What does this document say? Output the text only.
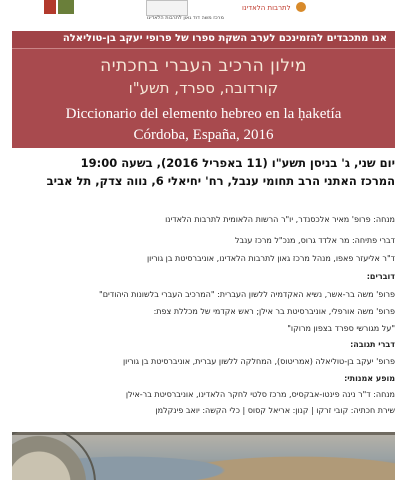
מרכז משה דוד גאון לתרבות הלאדינו
לתרבות הלאדינו
אנו מתכבדים להזמינכם לערב השקת ספרו של פרופי יעקב בן-טוליאלה
מילון הרכיב העברי בחכתיה
קורדובה, ספרד, תשע"ו
Diccionario del elemento hebreo en la ḥaketía
Córdoba, España, 2016
יום שני, ג' בניסן תשע"ו (11 באפריל 2016), בשעה 19:00
המרכז האתני הרב תחומי ענבל, רח' יחיאלי 6, נווה צדק, תל אביב
מנחה: פרופ' מאיר אלכסנדר, יו"ר הרשות הלאומית לתרבות הלאדינו
דברי פתיחה: מר אלדד גרוס, מנכ"ל מרכז ענבל
ד"ר אליעזר פאפו, מנהל מרכז גאון לתרבות הלאדינו, אוניברסיטת בן גוריון
דוברים:
פרופ' משה בר-אשר, נשיא האקדמיה ללשון העברית: "המרכיב העברי בלשונות היהודים"
פרופ' משה אורפלי, אוניברסיטת בר אילן; ראש אקדמי של מכללת צפת:
"על מגורשי ספרד בצפון מרוקו"
דברי תגובה:
פרופ' יעקב בן-טוליאלה (אמריטוס), המחלקה ללשון עברית, אוניברסיטת בן גוריון
מופע אמנותי:
מנחה: ד"ר נינה פינטו-אבקסיס, מרכז סלטי לחקר הלאדינו, אוניברסיטת בר-אילן
שירת חכתיה: קובי זרקו | קנון: אריאל קסוס | כלי הקשה: יואב פינקלמן
